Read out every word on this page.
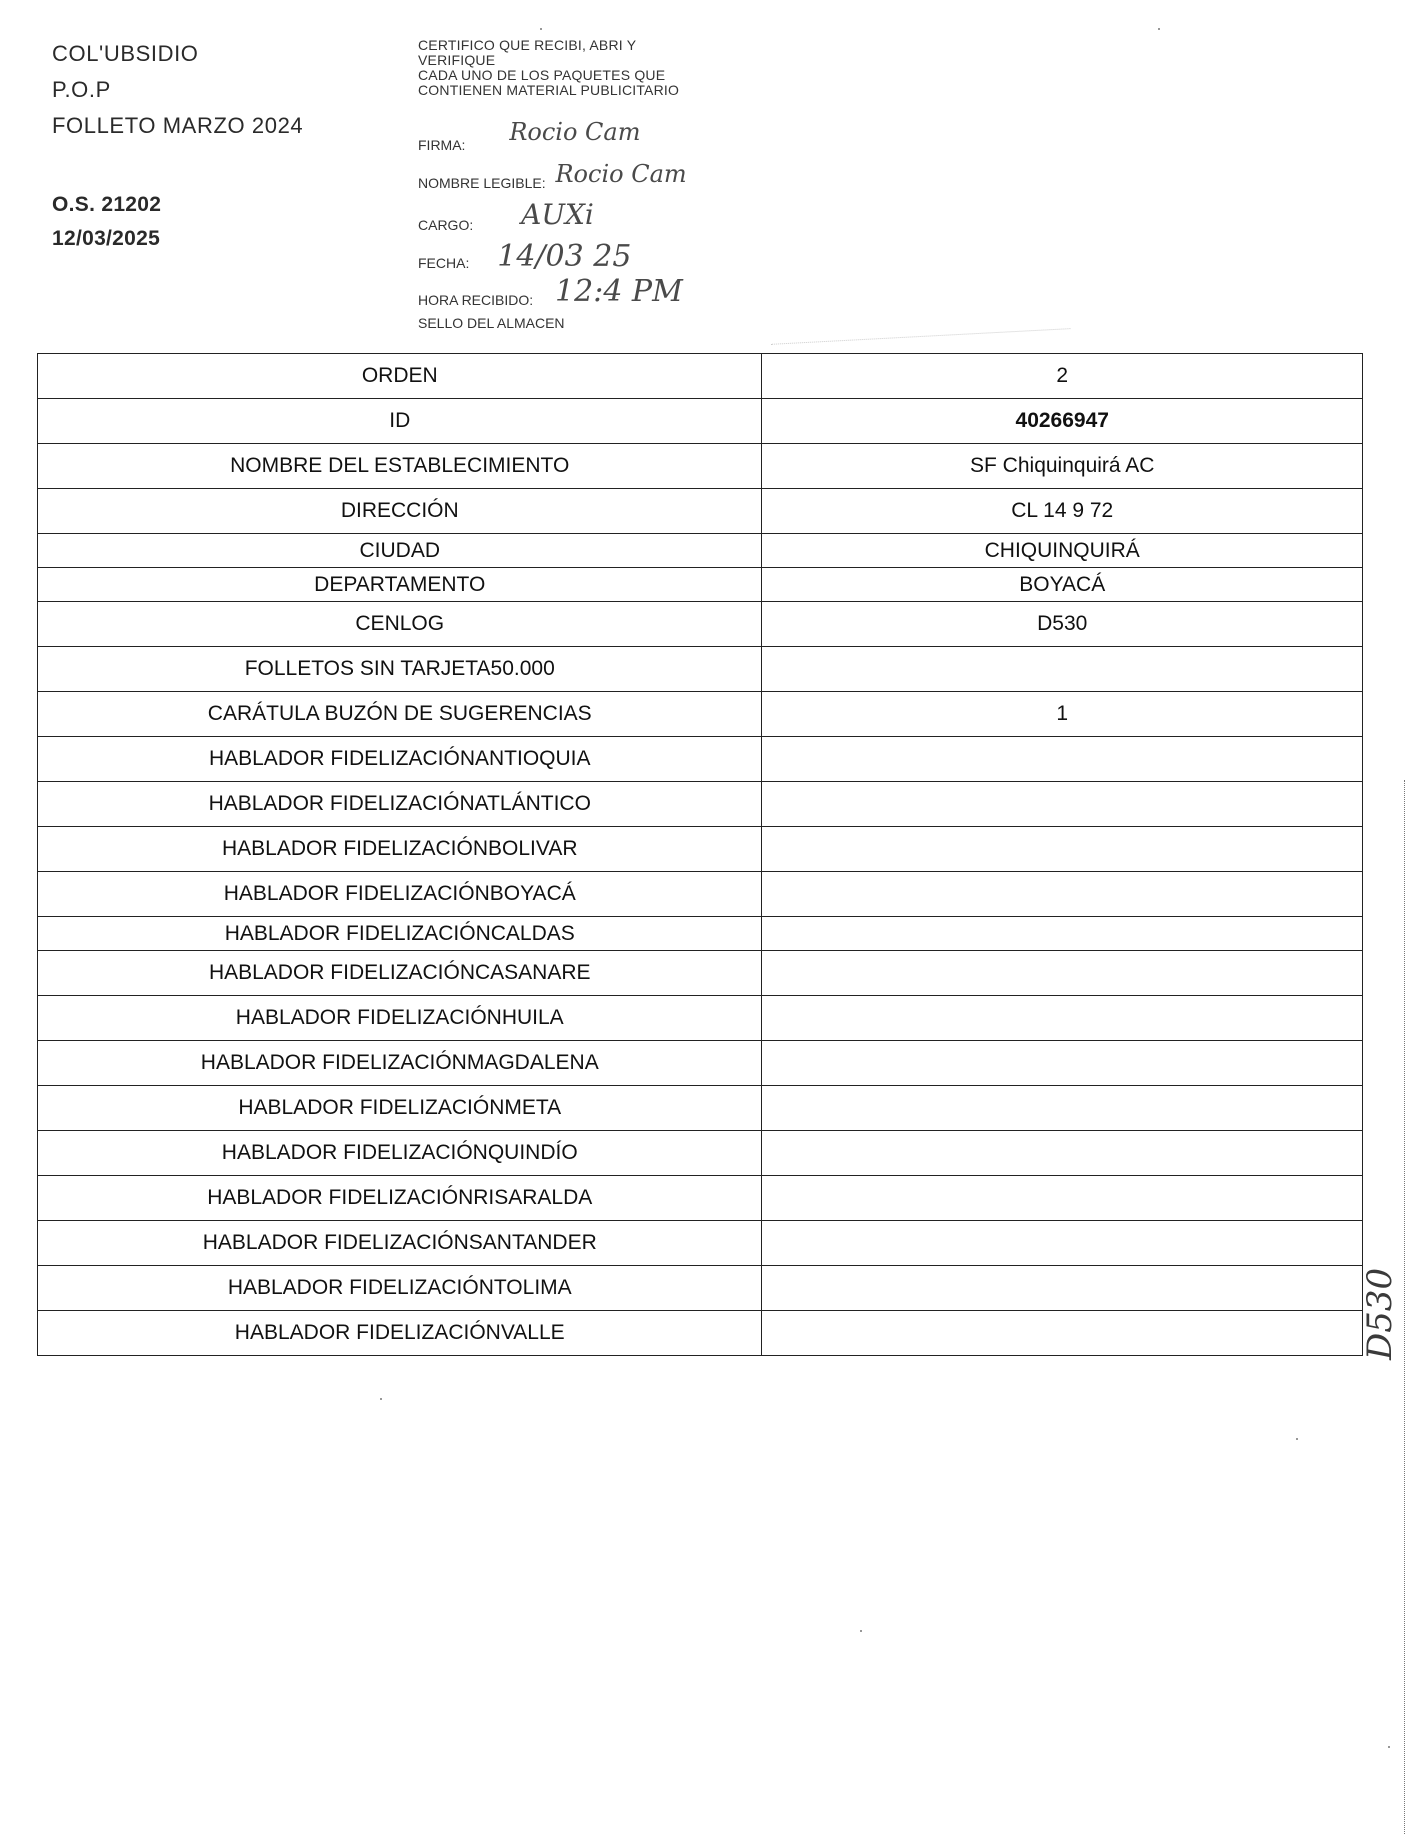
COL'UBSIDIO
P.O.P
FOLLETO MARZO 2024
O.S. 21202
12/03/2025
CERTIFICO QUE RECIBI, ABRI Y
VERIFIQUE
CADA UNO DE LOS PAQUETES QUE
CONTIENEN MATERIAL PUBLICITARIO
FIRMA: Rocio Cam
NOMBRE LEGIBLE: Rocio Cam
CARGO: AUXi
FECHA: 14/03 25
HORA RECIBIDO: 12:4 PM
SELLO DEL ALMACEN
ORDEN	2
ID	40266947
NOMBRE DEL ESTABLECIMIENTO	SF Chiquinquirá AC
DIRECCIÓN	CL 14 9 72
CIUDAD	CHIQUINQUIRÁ
DEPARTAMENTO	BOYACÁ
CENLOG	D530
FOLLETOS SIN TARJETA50.000	
CARÁTULA BUZÓN DE SUGERENCIAS	1
HABLADOR FIDELIZACIÓNANTIOQUIA	
HABLADOR FIDELIZACIÓNATLÁNTICO	
HABLADOR FIDELIZACIÓNBOLIVAR	
HABLADOR FIDELIZACIÓNBOYACÁ	
HABLADOR FIDELIZACIÓNCALDAS	
HABLADOR FIDELIZACIÓNCASANARE	
HABLADOR FIDELIZACIÓNHUILA	
HABLADOR FIDELIZACIÓNMAGDALENA	
HABLADOR FIDELIZACIÓNMETA	
HABLADOR FIDELIZACIÓNQUINDÍO	
HABLADOR FIDELIZACIÓNRISARALDA	
HABLADOR FIDELIZACIÓNSANTANDER	
HABLADOR FIDELIZACIÓNTOLIMA	
HABLADOR FIDELIZACIÓNVALLE		D530
